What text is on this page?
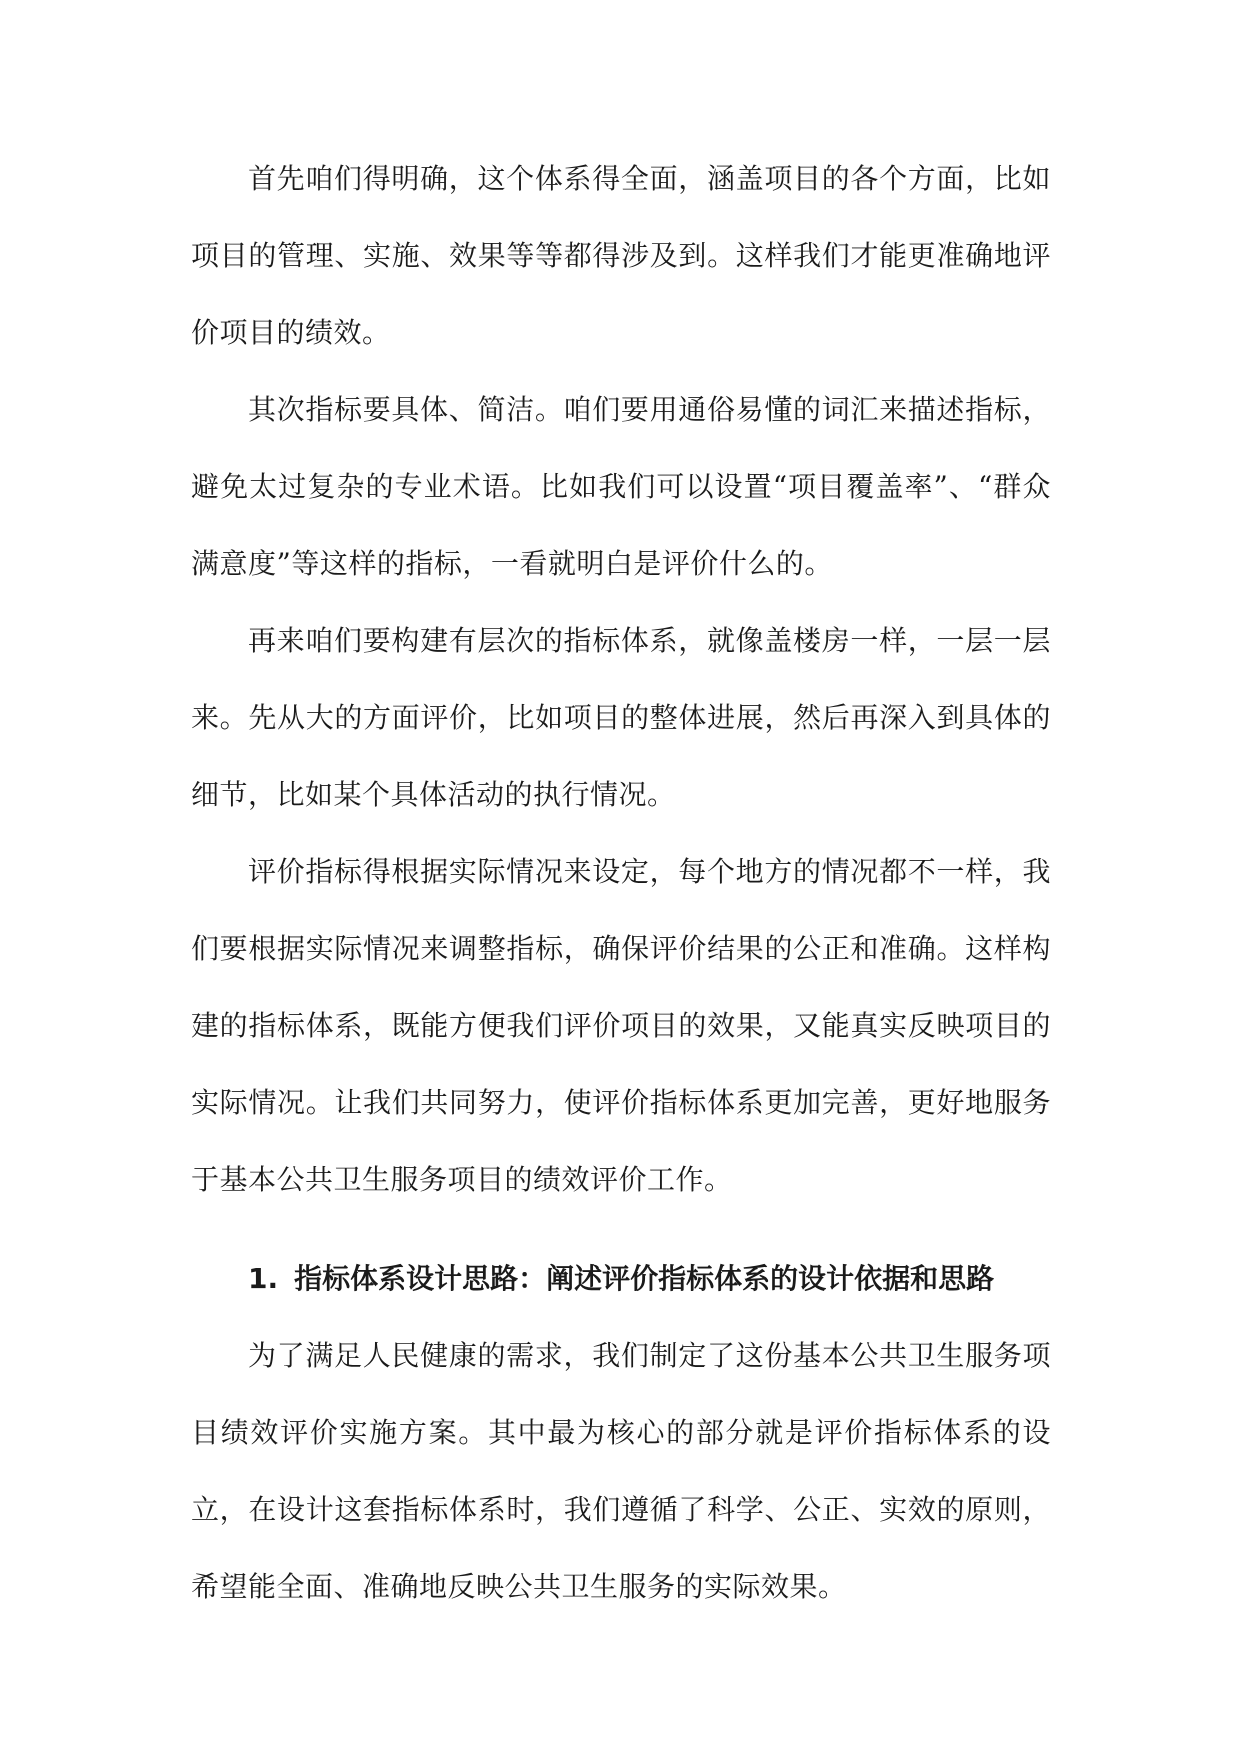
首先咱们得明确，这个体系得全面，涵盖项目的各个方面，比如项目的管理、实施、效果等等都得涉及到。这样我们才能更准确地评价项目的绩效。

其次指标要具体、简洁。咱们要用通俗易懂的词汇来描述指标，避免太过复杂的专业术语。比如我们可以设置“项目覆盖率”、“群众满意度”等这样的指标，一看就明白是评价什么的。

再来咱们要构建有层次的指标体系，就像盖楼房一样，一层一层来。先从大的方面评价，比如项目的整体进展，然后再深入到具体的细节，比如某个具体活动的执行情况。

评价指标得根据实际情况来设定，每个地方的情况都不一样，我们要根据实际情况来调整指标，确保评价结果的公正和准确。这样构建的指标体系，既能方便我们评价项目的效果，又能真实反映项目的实际情况。让我们共同努力，使评价指标体系更加完善，更好地服务于基本公共卫生服务项目的绩效评价工作。

1. 指标体系设计思路：阐述评价指标体系的设计依据和思路

为了满足人民健康的需求，我们制定了这份基本公共卫生服务项目绩效评价实施方案。其中最为核心的部分就是评价指标体系的设立，在设计这套指标体系时，我们遵循了科学、公正、实效的原则，希望能全面、准确地反映公共卫生服务的实际效果。
